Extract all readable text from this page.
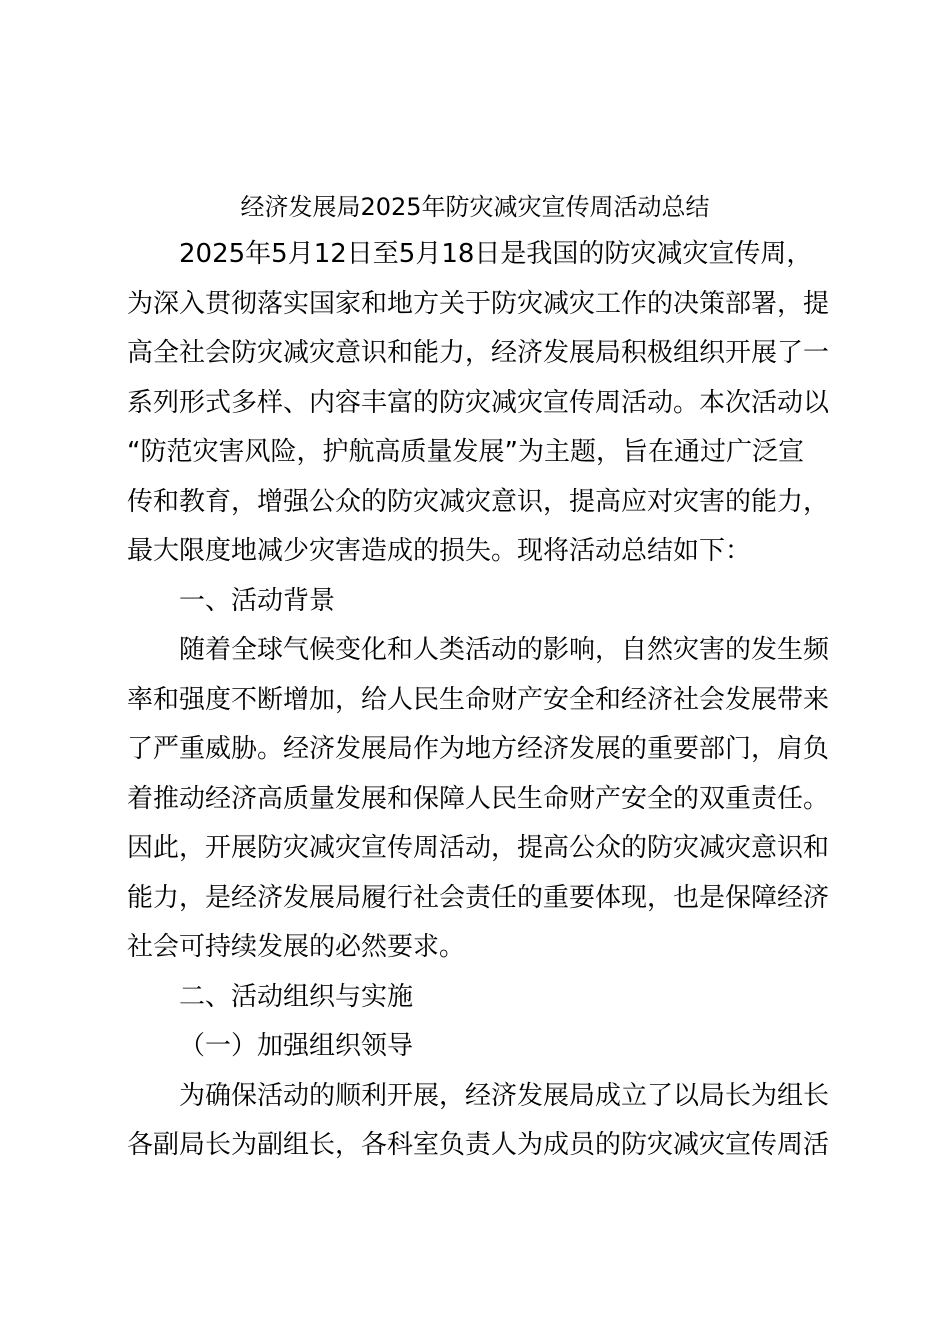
经济发展局2025年防灾减灾宣传周活动总结
2025年5月12日至5月18日是我国的防灾减灾宣传周，
为深入贯彻落实国家和地方关于防灾减灾工作的决策部署，提
高全社会防灾减灾意识和能力，经济发展局积极组织开展了一
系列形式多样、内容丰富的防灾减灾宣传周活动。本次活动以
“防范灾害风险，护航高质量发展”为主题，旨在通过广泛宣
传和教育，增强公众的防灾减灾意识，提高应对灾害的能力，
最大限度地减少灾害造成的损失。现将活动总结如下：
一、活动背景
随着全球气候变化和人类活动的影响，自然灾害的发生频
率和强度不断增加，给人民生命财产安全和经济社会发展带来
了严重威胁。经济发展局作为地方经济发展的重要部门，肩负
着推动经济高质量发展和保障人民生命财产安全的双重责任。
因此，开展防灾减灾宣传周活动，提高公众的防灾减灾意识和
能力，是经济发展局履行社会责任的重要体现，也是保障经济
社会可持续发展的必然要求。
二、活动组织与实施
（一）加强组织领导
为确保活动的顺利开展，经济发展局成立了以局长为组长
各副局长为副组长，各科室负责人为成员的防灾减灾宣传周活
